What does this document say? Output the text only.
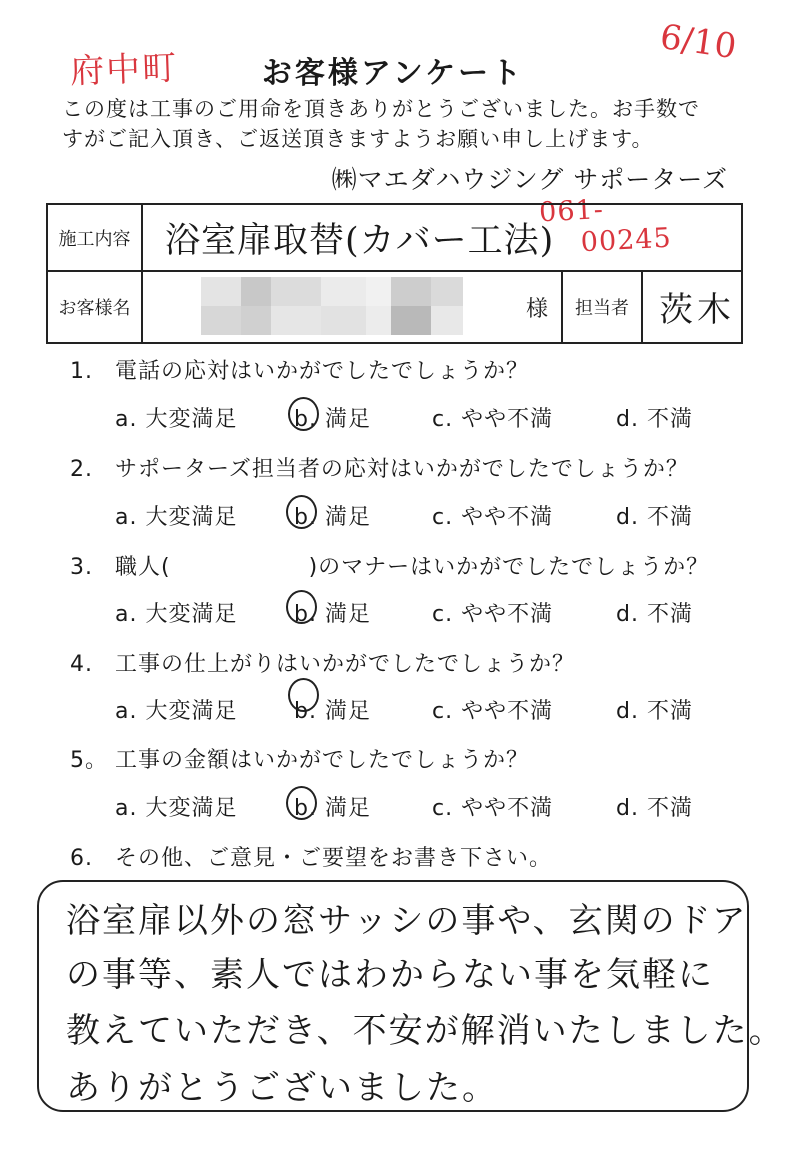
府中町
6/10
お客様アンケート
この度は工事のご用命を頂きありがとうございました。お手数で
すがご記入頂き、ご返送頂きますようお願い申し上げます。
㈱マエダハウジング サポーターズ
061-
00245
施工内容 浴室扉取替(カバー工法)
お客様名	様	担当者 茨木
1. 電話の応対はいかがでしたでしょうか？
a. 大変満足	b. 満足	c. やや不満	d. 不満
2. サポーターズ担当者の応対はいかがでしたでしょうか？
a. 大変満足	b. 満足	c. やや不満	d. 不満
3. 職人(　　　　　　)のマナーはいかがでしたでしょうか？
a. 大変満足	b. 満足	c. やや不満	d. 不満
4. 工事の仕上がりはいかがでしたでしょうか？
a. 大変満足	b. 満足	c. やや不満	d. 不満
5。 工事の金額はいかがでしたでしょうか？
a. 大変満足	b. 満足	c. やや不満	d. 不満
6. その他、ご意見・ご要望をお書き下さい。
浴室扉以外の窓サッシの事や、玄関のドア
の事等、素人ではわからない事を気軽に
教えていただき、不安が解消いたしました。
ありがとうございました。
